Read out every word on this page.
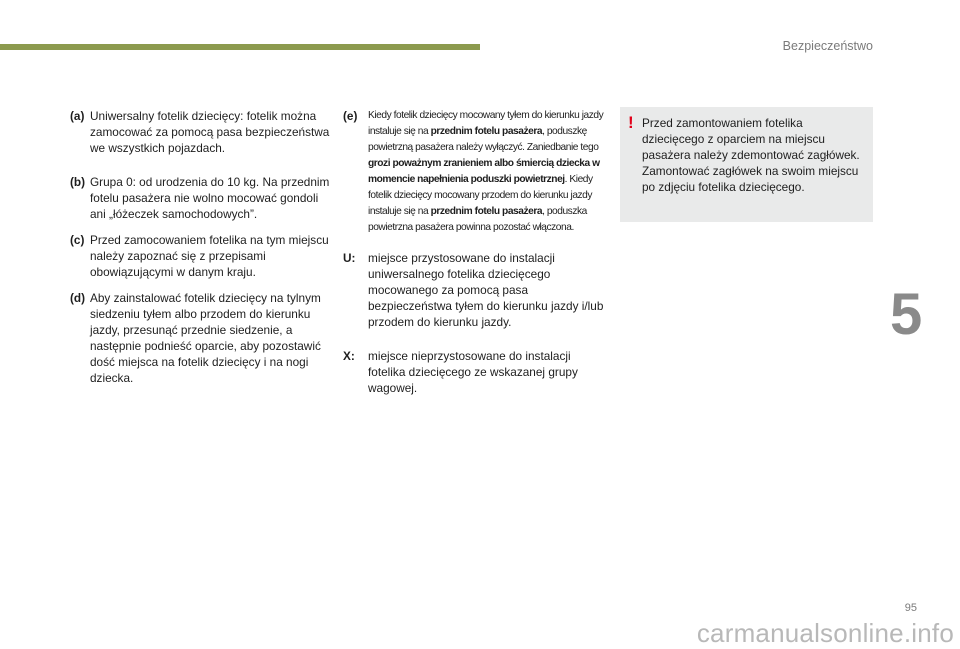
Bezpieczeństwo
(a) Uniwersalny fotelik dziecięcy: fotelik można zamocować za pomocą pasa bezpieczeństwa we wszystkich pojazdach.
(b) Grupa 0: od urodzenia do 10 kg. Na przednim fotelu pasażera nie wolno mocować gondoli ani „łóżeczek samochodowych”.
(c) Przed zamocowaniem fotelika na tym miejscu należy zapoznać się z przepisami obowiązującymi w danym kraju.
(d) Aby zainstalować fotelik dziecięcy na tylnym siedzeniu tyłem albo przodem do kierunku jazdy, przesunąć przednie siedzenie, a następnie podnieść oparcie, aby pozostawić dość miejsca na fotelik dziecięcy i na nogi dziecka.
(e)	Kiedy fotelik dziecięcy mocowany tyłem do kierunku jazdy instaluje się na przednim fotelu pasażera, poduszkę powietrzną pasażera należy wyłączyć. Zaniedbanie tego grozi poważnym zranieniem albo śmiercią dziecka w momencie napełnienia poduszki powietrznej. Kiedy fotelik dziecięcy mocowany przodem do kierunku jazdy instaluje się na przednim fotelu pasażera, poduszka powietrzna pasażera powinna pozostać włączona.
U:	miejsce przystosowane do instalacji uniwersalnego fotelika dziecięcego mocowanego za pomocą pasa bezpieczeństwa tyłem do kierunku jazdy i/lub przodem do kierunku jazdy.
X:	miejsce nieprzystosowane do instalacji fotelika dziecięcego ze wskazanej grupy wagowej.
! Przed zamontowaniem fotelika dziecięcego z oparciem na miejscu pasażera należy zdemontować zagłówek. Zamontować zagłówek na swoim miejscu po zdjęciu fotelika dziecięcego.
5
95
carmanualsonline.info
